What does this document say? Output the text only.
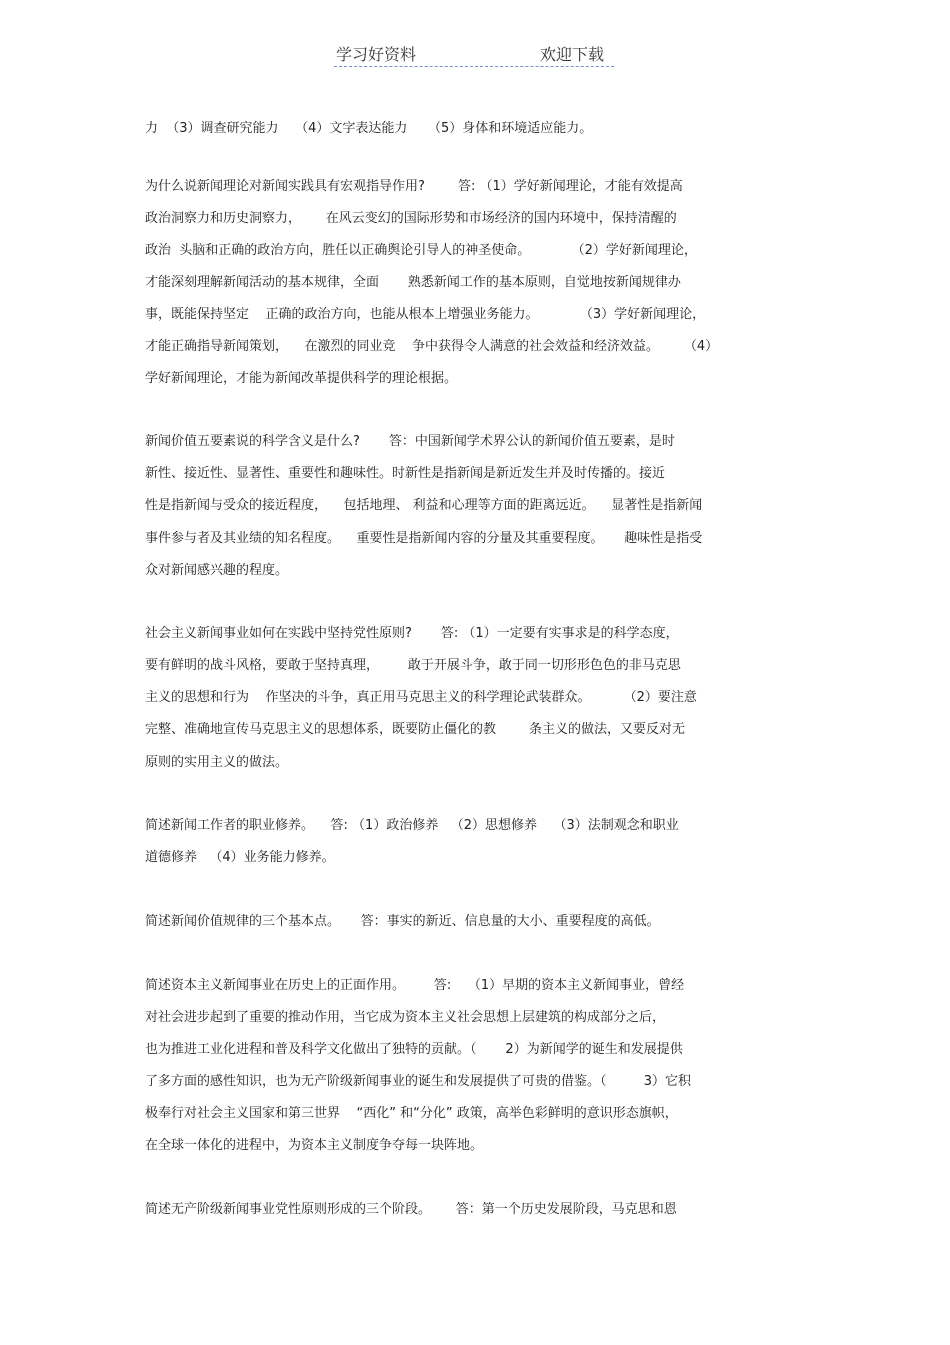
学习好资料	欢迎下载
力  （3）调查研究能力    （4）文字表达能力     （5）身体和环境适应能力。
为什么说新闻理论对新闻实践具有宏观指导作用?        答: （1）学好新闻理论，才能有效提高
政治洞察力和历史洞察力，      在风云变幻的国际形势和市场经济的国内环境中，保持清醒的
政治  头脑和正确的政治方向，胜任以正确舆论引导人的神圣使命。          （2）学好新闻理论，
才能深刻理解新闻活动的基本规律，全面       熟悉新闻工作的基本原则，自觉地按新闻规律办
事，既能保持坚定    正确的政治方向，也能从根本上增强业务能力。          （3）学好新闻理论，
才能正确指导新闻策划，    在激烈的同业竞    争中获得令人满意的社会效益和经济效益。      （4）
学好新闻理论，才能为新闻改革提供科学的理论根据。
新闻价值五要素说的科学含义是什么?       答：中国新闻学术界公认的新闻价值五要素，是时
新性、接近性、显著性、重要性和趣味性。时新性是指新闻是新近发生并及时传播的。接近
性是指新闻与受众的接近程度，    包括地理、 利益和心理等方面的距离远近。    显著性是指新闻
事件参与者及其业绩的知名程度。    重要性是指新闻内容的分量及其重要程度。     趣味性是指受
众对新闻感兴趣的程度。
社会主义新闻事业如何在实践中坚持党性原则?       答: （1）一定要有实事求是的科学态度，
要有鲜明的战斗风格，要敢于坚持真理，       敢于开展斗争，敢于同一切形形色色的非马克思
主义的思想和行为    作坚决的斗争，真正用马克思主义的科学理论武装群众。        （2）要注意
完整、准确地宣传马克思主义的思想体系，既要防止僵化的教        条主义的做法，又要反对无
原则的实用主义的做法。
简述新闻工作者的职业修养。    答: （1）政治修养   （2）思想修养    （3）法制观念和职业
道德修养   （4）业务能力修养。
简述新闻价值规律的三个基本点。     答：事实的新近、信息量的大小、重要程度的高低。
简述资本主义新闻事业在历史上的正面作用。       答:    （1）早期的资本主义新闻事业，曾经
对社会进步起到了重要的推动作用，当它成为资本主义社会思想上层建筑的构成部分之后，
也为推进工业化进程和普及科学文化做出了独特的贡献。（       2）为新闻学的诞生和发展提供
了多方面的感性知识，也为无产阶级新闻事业的诞生和发展提供了可贵的借鉴。（         3）它积
极奉行对社会主义国家和第三世界    “西化” 和“分化” 政策，高举色彩鲜明的意识形态旗帜，
在全球一体化的进程中，为资本主义制度争夺每一块阵地。
简述无产阶级新闻事业党性原则形成的三个阶段。      答：第一个历史发展阶段，马克思和恩
